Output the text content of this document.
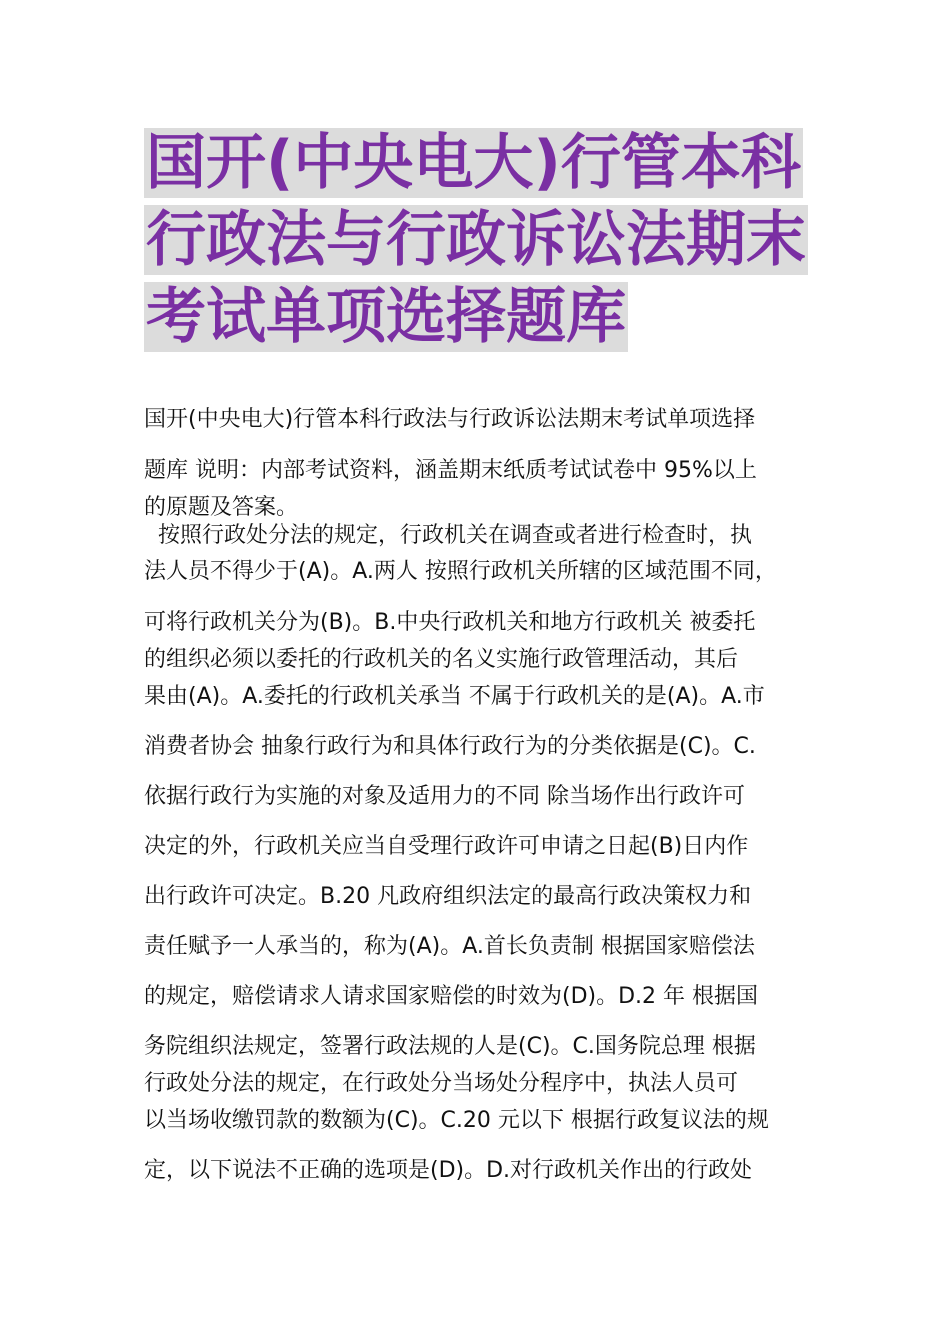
国开(中央电大)行管本科
行政法与行政诉讼法期末
考试单项选择题库
国开(中央电大)行管本科行政法与行政诉讼法期末考试单项选择
题库 说明：内部考试资料，涵盖期末纸质考试试卷中 95%以上
的原题及答案。
按照行政处分法的规定，行政机关在调查或者进行检查时，执
法人员不得少于(A)。A.两人 按照行政机关所辖的区域范围不同，
可将行政机关分为(B)。B.中央行政机关和地方行政机关 被委托
的组织必须以委托的行政机关的名义实施行政管理活动，其后
果由(A)。A.委托的行政机关承当 不属于行政机关的是(A)。A.市
消费者协会 抽象行政行为和具体行政行为的分类依据是(C)。C.
依据行政行为实施的对象及适用力的不同 除当场作出行政许可
决定的外，行政机关应当自受理行政许可申请之日起(B)日内作
出行政许可决定。B.20 凡政府组织法定的最高行政决策权力和
责任赋予一人承当的，称为(A)。A.首长负责制 根据国家赔偿法
的规定，赔偿请求人请求国家赔偿的时效为(D)。D.2 年 根据国
务院组织法规定，签署行政法规的人是(C)。C.国务院总理 根据
行政处分法的规定，在行政处分当场处分程序中，执法人员可
以当场收缴罚款的数额为(C)。C.20 元以下 根据行政复议法的规
定，以下说法不正确的选项是(D)。D.对行政机关作出的行政处
